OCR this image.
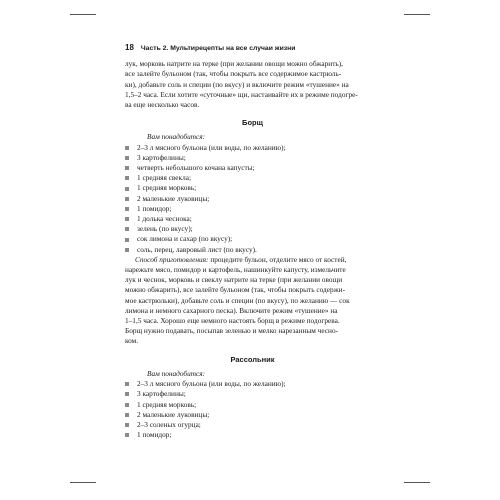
18 Часть 2. Мультирецепты на все случаи жизни

лук, морковь натрите на терке (при желании овощи можно обжарить),
все залейте бульоном (так, чтобы покрыть все содержимое кастрюль-
ки), добавьте соль и специи (по вкусу) и включите режим «тушение» на
1,5–2 часа. Если хотите «суточные» щи, настаивайте их в режиме подогре-
ва еще несколько часов.

Борщ
Вам понадобится:
2–3 л мясного бульона (или воды, по желанию);
3 картофелины;
четверть небольшого кочана капусты;
1 средняя свекла;
1 средняя морковь;
2 маленькие луковицы;
1 помидор;
1 долька чеснока;
зелень (по вкусу);
сок лимона и сахар (по вкусу);
соль, перец, лавровый лист (по вкусу).

Способ приготовления: процедите бульон, отделите мясо от костей,
нарежьте мясо, помидор и картофель, нашинкуйте капусту, измельчите
лук и чеснок, морковь и свеклу натрите на терке (при желании овощи
можно обжарить), все залейте бульоном (так, чтобы покрыть содержи-
мое кастрюльки), добавьте соль и специи (по вкусу), по желанию — сок
лимона и немного сахарного песка). Включите режим «тушение» на
1–1,5 часа. Хорошо еще немного настоять борщ в режиме подогрева.
Борщ нужно подавать, посыпав зеленью и мелко нарезанным чесно-
ком.

Рассольник
Вам понадобится:
2–3 л мясного бульона (или воды, по желанию);
3 картофелины;
1 средняя морковь;
2 маленькие луковицы;
2–3 соленых огурца;
1 помидор;
